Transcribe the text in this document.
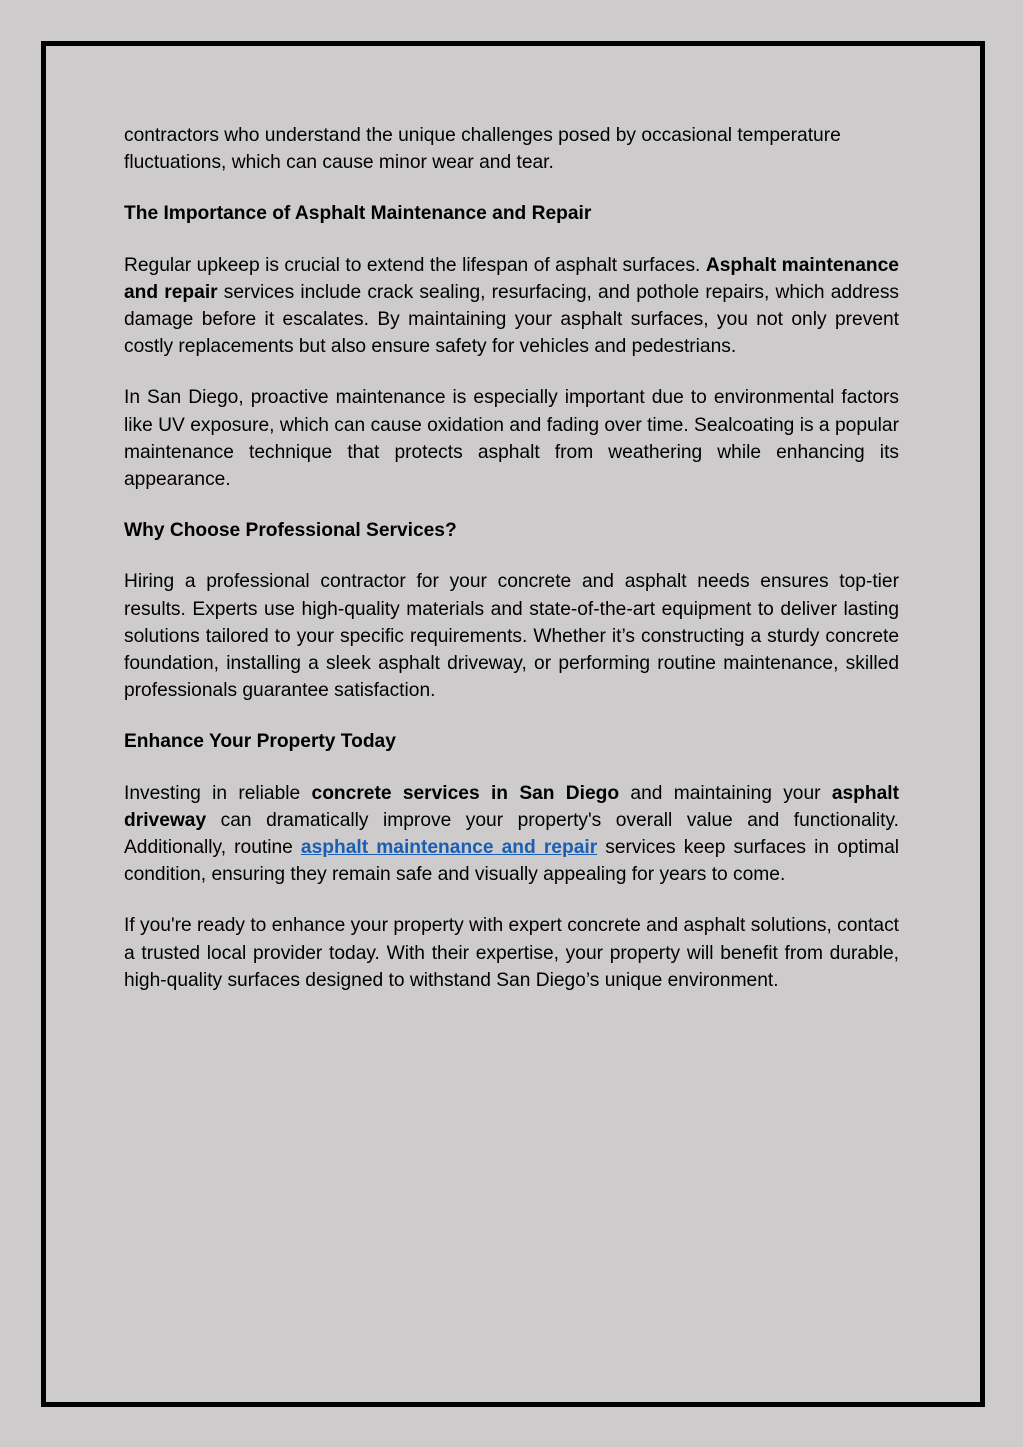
contractors who understand the unique challenges posed by occasional temperature fluctuations, which can cause minor wear and tear.

The Importance of Asphalt Maintenance and Repair

Regular upkeep is crucial to extend the lifespan of asphalt surfaces. Asphalt maintenance and repair services include crack sealing, resurfacing, and pothole repairs, which address damage before it escalates. By maintaining your asphalt surfaces, you not only prevent costly replacements but also ensure safety for vehicles and pedestrians.

In San Diego, proactive maintenance is especially important due to environmental factors like UV exposure, which can cause oxidation and fading over time. Sealcoating is a popular maintenance technique that protects asphalt from weathering while enhancing its appearance.

Why Choose Professional Services?

Hiring a professional contractor for your concrete and asphalt needs ensures top-tier results. Experts use high-quality materials and state-of-the-art equipment to deliver lasting solutions tailored to your specific requirements. Whether it’s constructing a sturdy concrete foundation, installing a sleek asphalt driveway, or performing routine maintenance, skilled professionals guarantee satisfaction.

Enhance Your Property Today

Investing in reliable concrete services in San Diego and maintaining your asphalt driveway can dramatically improve your property's overall value and functionality. Additionally, routine asphalt maintenance and repair services keep surfaces in optimal condition, ensuring they remain safe and visually appealing for years to come.

If you're ready to enhance your property with expert concrete and asphalt solutions, contact a trusted local provider today. With their expertise, your property will benefit from durable, high-quality surfaces designed to withstand San Diego’s unique environment.
